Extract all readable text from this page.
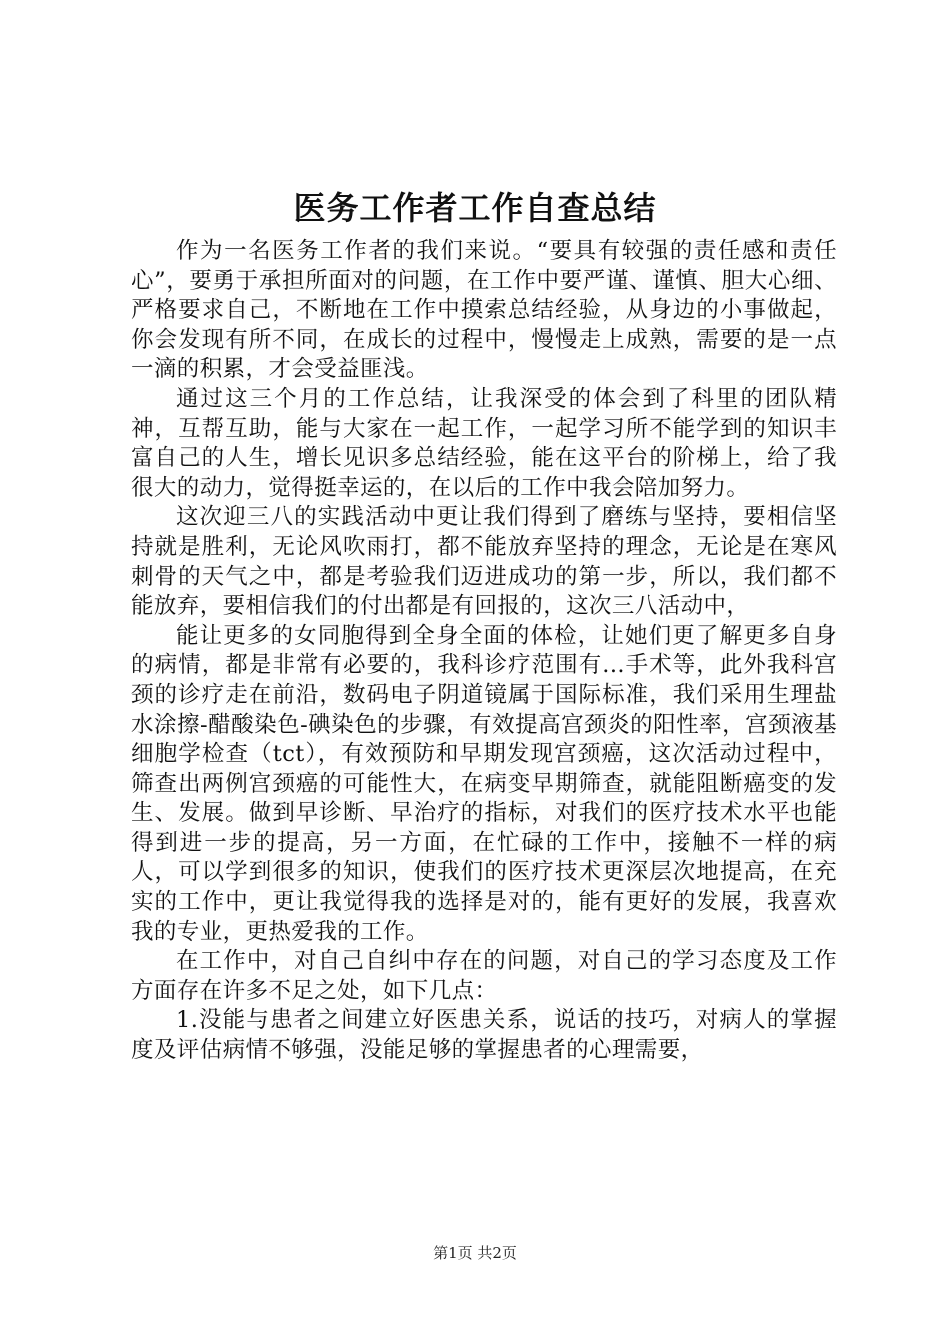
医务工作者工作自查总结

作为一名医务工作者的我们来说。“要具有较强的责任感和责任心”，要勇于承担所面对的问题，在工作中要严谨、谨慎、胆大心细、严格要求自己，不断地在工作中摸索总结经验，从身边的小事做起，你会发现有所不同，在成长的过程中，慢慢走上成熟，需要的是一点一滴的积累，才会受益匪浅。

通过这三个月的工作总结，让我深受的体会到了科里的团队精神，互帮互助，能与大家在一起工作，一起学习所不能学到的知识丰富自己的人生，增长见识多总结经验，能在这平台的阶梯上，给了我很大的动力，觉得挺幸运的，在以后的工作中我会陪加努力。

这次迎三八的实践活动中更让我们得到了磨练与坚持，要相信坚持就是胜利，无论风吹雨打，都不能放弃坚持的理念，无论是在寒风刺骨的天气之中，都是考验我们迈进成功的第一步，所以，我们都不能放弃，要相信我们的付出都是有回报的，这次三八活动中，

能让更多的女同胞得到全身全面的体检，让她们更了解更多自身的病情，都是非常有必要的，我科诊疗范围有...手术等，此外我科宫颈的诊疗走在前沿，数码电子阴道镜属于国际标准，我们采用生理盐水涂擦-醋酸染色-碘染色的步骤，有效提高宫颈炎的阳性率，宫颈液基细胞学检查（tct），有效预防和早期发现宫颈癌，这次活动过程中，筛查出两例宫颈癌的可能性大，在病变早期筛查，就能阻断癌变的发生、发展。做到早诊断、早治疗的指标，对我们的医疗技术水平也能得到进一步的提高，另一方面，在忙碌的工作中，接触不一样的病人，可以学到很多的知识，使我们的医疗技术更深层次地提高，在充实的工作中，更让我觉得我的选择是对的，能有更好的发展，我喜欢我的专业，更热爱我的工作。

在工作中，对自己自纠中存在的问题，对自己的学习态度及工作方面存在许多不足之处，如下几点：

1.没能与患者之间建立好医患关系，说话的技巧，对病人的掌握度及评估病情不够强，没能足够的掌握患者的心理需要，

第1页 共2页
